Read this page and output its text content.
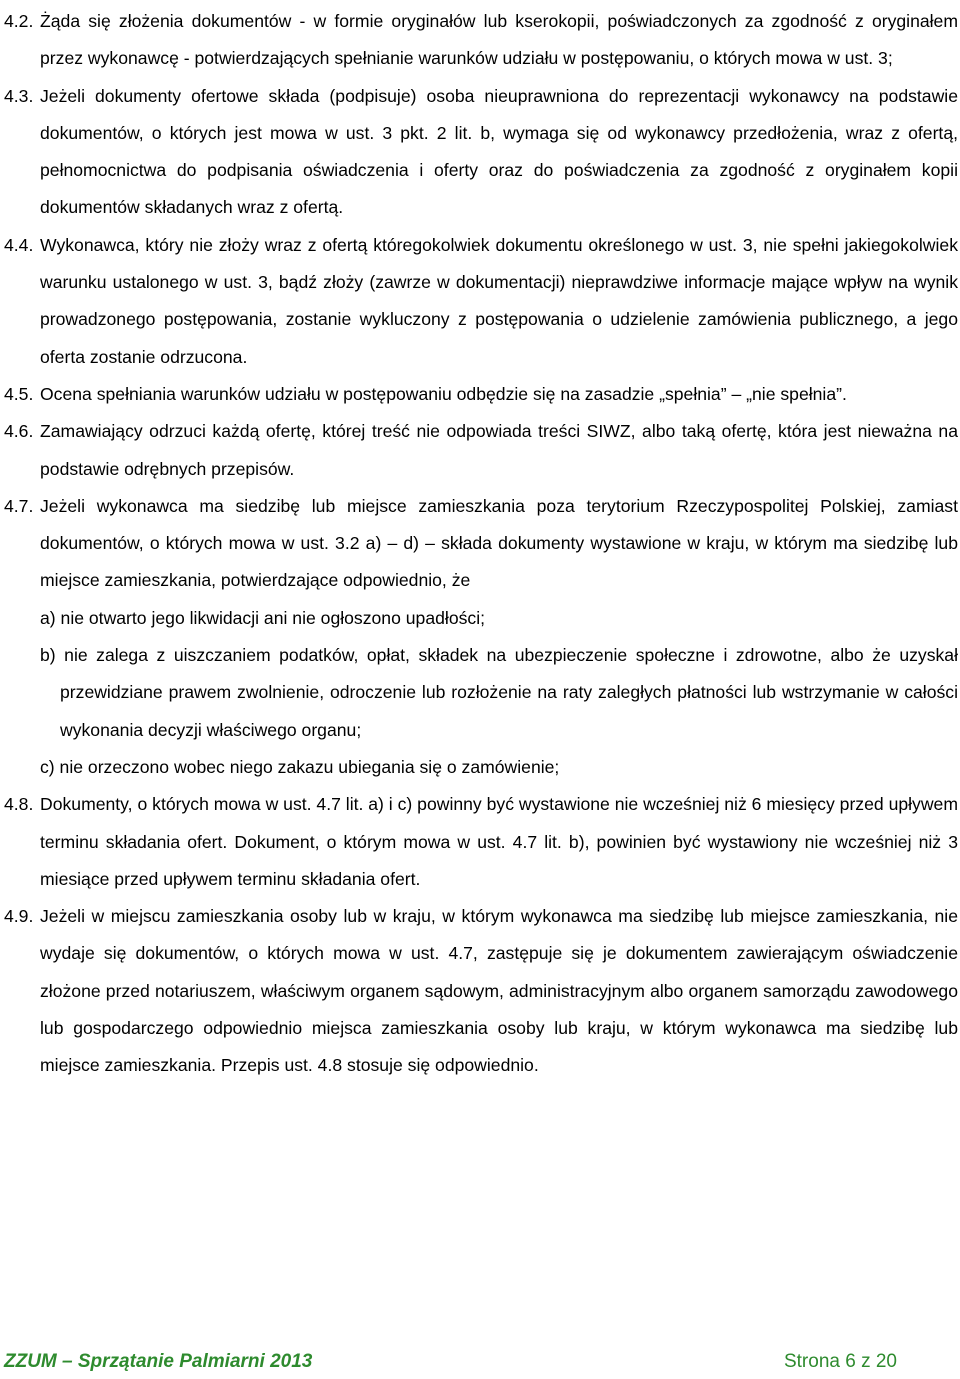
4.2. Żąda się złożenia dokumentów - w formie oryginałów lub kserokopii, poświadczonych za zgodność z oryginałem przez wykonawcę - potwierdzających spełnianie warunków udziału w postępowaniu, o których mowa w ust. 3;

4.3. Jeżeli dokumenty ofertowe składa (podpisuje) osoba nieuprawniona do reprezentacji wykonawcy na podstawie dokumentów, o których jest mowa w ust. 3 pkt. 2 lit. b, wymaga się od wykonawcy przedłożenia, wraz z ofertą, pełnomocnictwa do podpisania oświadczenia i oferty oraz do poświadczenia za zgodność z oryginałem kopii dokumentów składanych wraz z ofertą.

4.4. Wykonawca, który nie złoży wraz z ofertą któregokolwiek dokumentu określonego w ust. 3, nie spełni jakiegokolwiek warunku ustalonego w ust. 3, bądź złoży (zawrze w dokumentacji) nieprawdziwe informacje mające wpływ na wynik prowadzonego postępowania, zostanie wykluczony z postępowania o udzielenie zamówienia publicznego, a jego oferta zostanie odrzucona.

4.5. Ocena spełniania warunków udziału w postępowaniu odbędzie się na zasadzie „spełnia” – „nie spełnia”.

4.6. Zamawiający odrzuci każdą ofertę, której treść nie odpowiada treści SIWZ, albo taką ofertę, która jest nieważna na podstawie odrębnych przepisów.

4.7. Jeżeli wykonawca ma siedzibę lub miejsce zamieszkania poza terytorium Rzeczypospolitej Polskiej, zamiast dokumentów, o których mowa w ust. 3.2 a) – d) – składa dokumenty wystawione w kraju, w którym ma siedzibę lub miejsce zamieszkania, potwierdzające odpowiednio, że

a) nie otwarto jego likwidacji ani nie ogłoszono upadłości;

b) nie zalega z uiszczaniem podatków, opłat, składek na ubezpieczenie społeczne i zdrowotne, albo że uzyskał przewidziane prawem zwolnienie, odroczenie lub rozłożenie na raty zaległych płatności lub wstrzymanie w całości wykonania decyzji właściwego organu;

c) nie orzeczono wobec niego zakazu ubiegania się o zamówienie;

4.8. Dokumenty, o których mowa w ust. 4.7 lit. a) i c) powinny być wystawione nie wcześniej niż 6 miesięcy przed upływem terminu składania ofert. Dokument, o którym mowa w ust. 4.7 lit. b), powinien być wystawiony nie wcześniej niż 3 miesiące przed upływem terminu składania ofert.

4.9. Jeżeli w miejscu zamieszkania osoby lub w kraju, w którym wykonawca ma siedzibę lub miejsce zamieszkania, nie wydaje się dokumentów, o których mowa w ust. 4.7, zastępuje się je dokumentem zawierającym oświadczenie złożone przed notariuszem, właściwym organem sądowym, administracyjnym albo organem samorządu zawodowego lub gospodarczego odpowiednio miejsca zamieszkania osoby lub kraju, w którym wykonawca ma siedzibę lub miejsce zamieszkania. Przepis ust. 4.8 stosuje się odpowiednio.

ZZUM – Sprzątanie Palmiarni 2013	Strona 6 z 20
